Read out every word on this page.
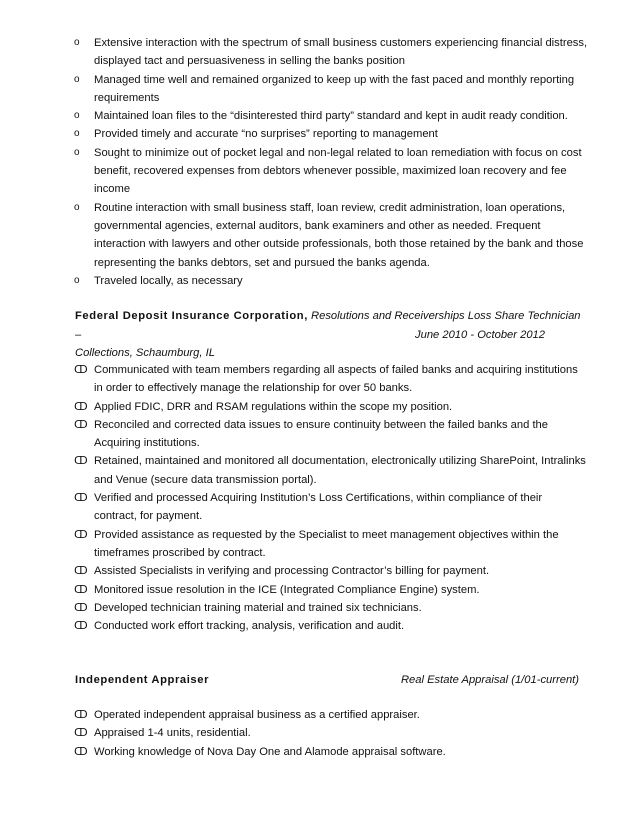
o	Extensive interaction with the spectrum of small business customers experiencing financial distress, displayed tact and persuasiveness in selling the banks position
o	Managed time well and remained organized to keep up with the fast paced and monthly reporting requirements
o	Maintained loan files to the “disinterested third party” standard and kept in audit ready condition.
o	Provided timely and accurate “no surprises” reporting to management
o	Sought to minimize out of pocket legal and non-legal related to loan remediation with focus on cost benefit, recovered expenses from debtors whenever possible, maximized loan recovery and fee income
o	Routine interaction with small business staff, loan review, credit administration, loan operations, governmental agencies, external auditors, bank examiners and other as needed. Frequent interaction with lawyers and other outside professionals, both those retained by the bank and those representing the banks debtors, set and pursued the banks agenda.
o	Traveled locally, as necessary
Federal Deposit Insurance Corporation, Resolutions and Receiverships Loss Share Technician –
Collections, Schaumburg, IL
June 2010 - October 2012
ↀ Communicated with team members regarding all aspects of failed banks and acquiring institutions in order to effectively manage the relationship for over 50 banks.
ↀ Applied FDIC, DRR and RSAM regulations within the scope my position.
ↀ Reconciled and corrected data issues to ensure continuity between the failed banks and the Acquiring institutions.
ↀ Retained, maintained and monitored all documentation, electronically utilizing SharePoint, Intralinks and Venue (secure data transmission portal).
ↀ Verified and processed Acquiring Institution’s Loss Certifications, within compliance of their contract, for payment.
ↀ Provided assistance as requested by the Specialist to meet management objectives within the timeframes proscribed by contract.
ↀ Assisted Specialists in verifying and processing Contractor’s billing for payment.
ↀ Monitored issue resolution in the ICE (Integrated Compliance Engine) system.
ↀ Developed technician training material and trained six technicians.
ↀ Conducted work effort tracking, analysis, verification and audit.
Independent Appraiser	Real Estate Appraisal (1/01-current)
ↀ Operated independent appraisal business as a certified appraiser.
ↀ Appraised 1-4 units, residential.
ↀ Working knowledge of Nova Day One and Alamode appraisal software.
